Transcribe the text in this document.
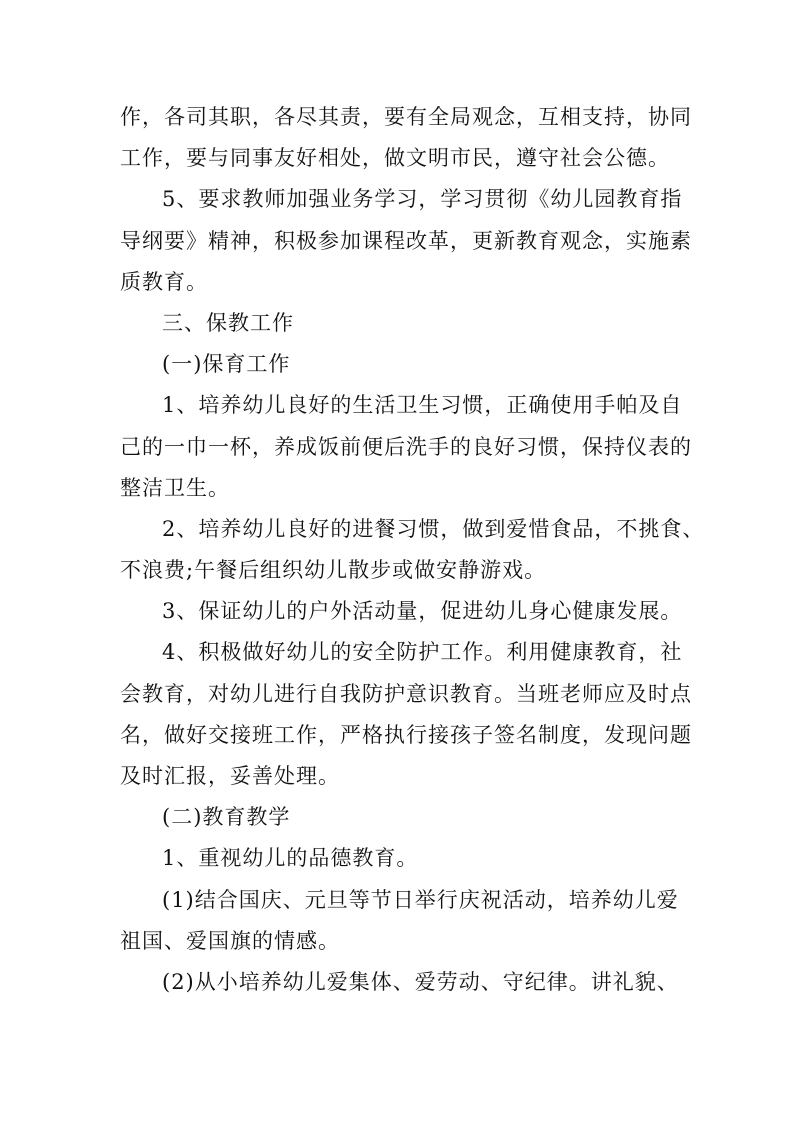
作，各司其职，各尽其责，要有全局观念，互相支持，协同
工作，要与同事友好相处，做文明市民，遵守社会公德。
5、要求教师加强业务学习，学习贯彻《幼儿园教育指
导纲要》精神，积极参加课程改革，更新教育观念，实施素
质教育。
三、保教工作
(一)保育工作
1、培养幼儿良好的生活卫生习惯，正确使用手帕及自
己的一巾一杯，养成饭前便后洗手的良好习惯，保持仪表的
整洁卫生。
2、培养幼儿良好的进餐习惯，做到爱惜食品，不挑食、
不浪费;午餐后组织幼儿散步或做安静游戏。
3、保证幼儿的户外活动量，促进幼儿身心健康发展。
4、积极做好幼儿的安全防护工作。利用健康教育，社
会教育，对幼儿进行自我防护意识教育。当班老师应及时点
名，做好交接班工作，严格执行接孩子签名制度，发现问题
及时汇报，妥善处理。
(二)教育教学
1、重视幼儿的品德教育。
(1)结合国庆、元旦等节日举行庆祝活动，培养幼儿爱
祖国、爱国旗的情感。
(2)从小培养幼儿爱集体、爱劳动、守纪律。讲礼貌、
